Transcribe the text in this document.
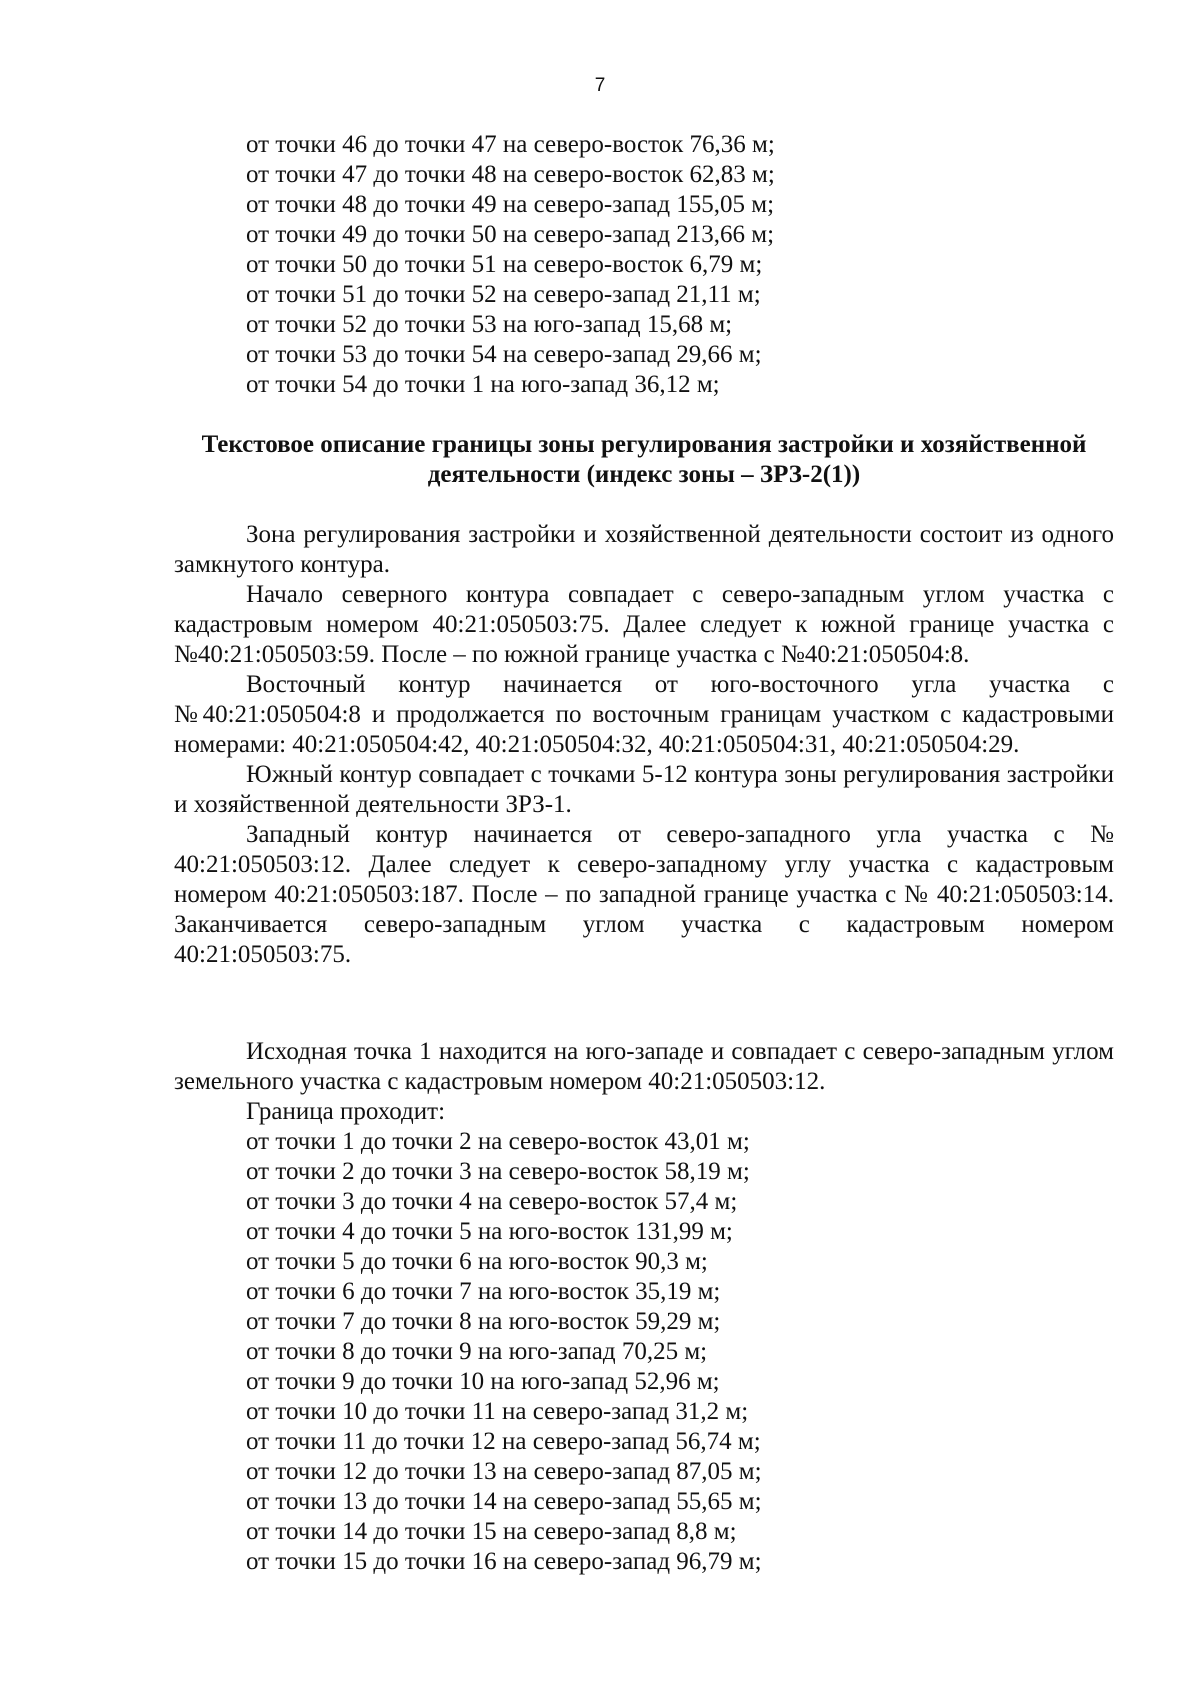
7
от точки 46 до точки 47 на северо-восток 76,36 м;
от точки 47 до точки 48 на северо-восток 62,83 м;
от точки 48 до точки 49 на северо-запад 155,05 м;
от точки 49 до точки 50 на северо-запад 213,66 м;
от точки 50 до точки 51 на северо-восток 6,79 м;
от точки 51 до точки 52 на северо-запад 21,11 м;
от точки 52 до точки 53 на юго-запад 15,68 м;
от точки 53 до точки 54 на северо-запад 29,66 м;
от точки 54 до точки 1 на юго-запад 36,12 м;
Текстовое описание границы зоны регулирования застройки и хозяйственной деятельности (индекс зоны – ЗРЗ-2(1))

Зона регулирования застройки и хозяйственной деятельности состоит из одного замкнутого контура.

Начало северного контура совпадает с северо-западным углом участка с кадастровым номером 40:21:050503:75. Далее следует к южной границе участка с №40:21:050503:59. После – по южной границе участка с №40:21:050504:8.

Восточный контур начинается от юго-восточного угла участка с №40:21:050504:8 и продолжается по восточным границам участком с кадастровыми номерами: 40:21:050504:42, 40:21:050504:32, 40:21:050504:31, 40:21:050504:29.

Южный контур совпадает с точками 5-12 контура зоны регулирования застройки и хозяйственной деятельности ЗРЗ-1.

Западный контур начинается от северо-западного угла участка с № 40:21:050503:12. Далее следует к северо-западному углу участка с кадастровым номером 40:21:050503:187. После – по западной границе участка с № 40:21:050503:14. Заканчивается северо-западным углом участка с кадастровым номером 40:21:050503:75.

Исходная точка 1 находится на юго-западе и совпадает с северо-западным углом земельного участка с кадастровым номером 40:21:050503:12.

Граница проходит:

от точки 1 до точки 2 на северо-восток 43,01 м;
от точки 2 до точки 3 на северо-восток 58,19 м;
от точки 3 до точки 4 на северо-восток 57,4 м;
от точки 4 до точки 5 на юго-восток 131,99 м;
от точки 5 до точки 6 на юго-восток 90,3 м;
от точки 6 до точки 7 на юго-восток 35,19 м;
от точки 7 до точки 8 на юго-восток 59,29 м;
от точки 8 до точки 9 на юго-запад 70,25 м;
от точки 9 до точки 10 на юго-запад 52,96 м;
от точки 10 до точки 11 на северо-запад 31,2 м;
от точки 11 до точки 12 на северо-запад 56,74 м;
от точки 12 до точки 13 на северо-запад 87,05 м;
от точки 13 до точки 14 на северо-запад 55,65 м;
от точки 14 до точки 15 на северо-запад 8,8 м;
от точки 15 до точки 16 на северо-запад 96,79 м;
